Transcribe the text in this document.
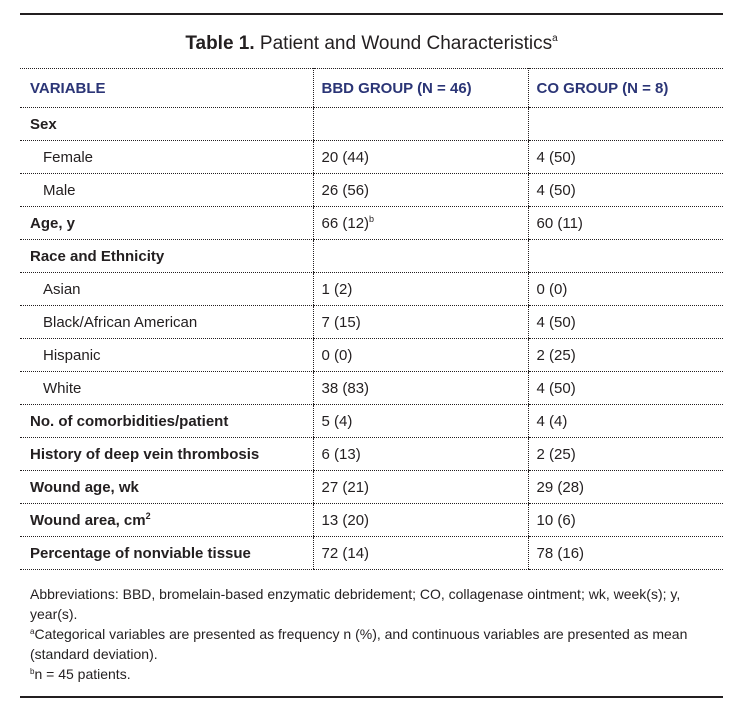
Table 1. Patient and Wound Characteristics$^a$
VARIABLE	BBD GROUP (N = 46)	CO GROUP (N = 8)
Sex		
Female	20 (44)	4 (50)
Male	26 (56)	4 (50)
Age, y	66 $(12)^b$	60 (11)
Race and Ethnicity		
Asian	1 (2)	0 (0)
Black/African American	7 (15)	4 (50)
Hispanic	0 (0)	2 (25)
White	38 (83)	4 (50)
No. of comorbidities/patient	5 (4)	4 (4)
History of deep vein thrombosis	6 (13)	2 (25)
Wound age, wk	27 (21)	29 (28)
Wound area, $cm^2$	13 (20)	10 (6)
Percentage of nonviable tissue	72 (14)	78 (16)

Abbreviations: BBD, bromelain-based enzymatic debridement; CO, collagenase ointment; wk, week(s); y, year(s).

$^a$Categorical variables are presented as frequency n (%), and continuous variables are presented as mean (standard deviation).

$^b$n = 45 patients.
